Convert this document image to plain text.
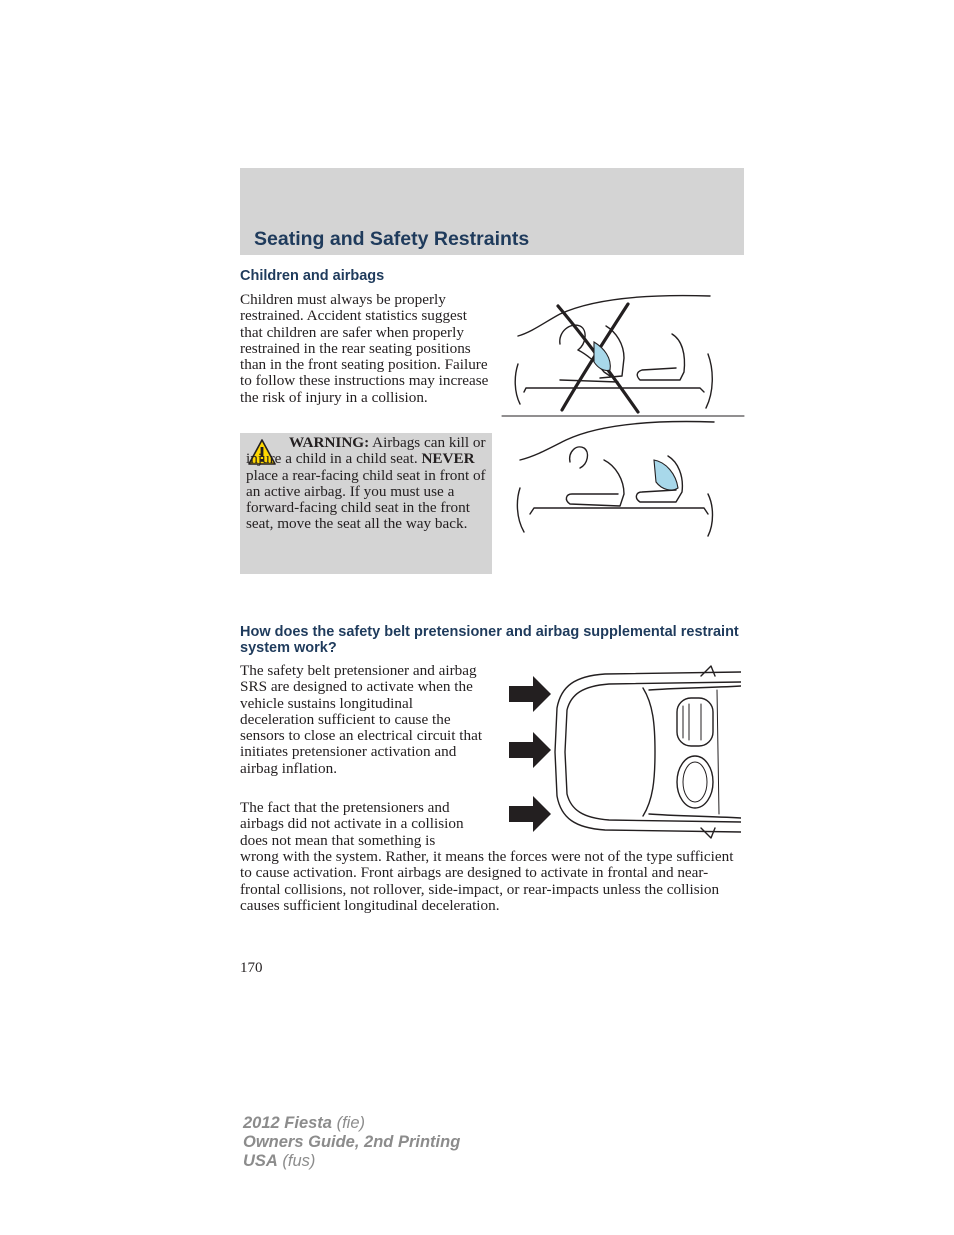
Seating and Safety Restraints
Children and airbags

Children must always be properly restrained. Accident statistics suggest that children are safer when properly restrained in the rear seating positions than in the front seating position. Failure to follow these instructions may increase the risk of injury in a collision.

WARNING: Airbags can kill or injure a child in a child seat. NEVER place a rear-facing child seat in front of an active airbag. If you must use a forward-facing child seat in the front seat, move the seat all the way back.

How does the safety belt pretensioner and airbag supplemental restraint system work?

The safety belt pretensioner and airbag SRS are designed to activate when the vehicle sustains longitudinal deceleration sufficient to cause the sensors to close an electrical circuit that initiates pretensioner activation and airbag inflation.

The fact that the pretensioners and airbags did not activate in a collision does not mean that something is

wrong with the system. Rather, it means the forces were not of the type sufficient to cause activation. Front airbags are designed to activate in frontal and near-frontal collisions, not rollover, side-impact, or rear-impacts unless the collision causes sufficient longitudinal deceleration.

170

2012 Fiesta (fie)
Owners Guide, 2nd Printing
USA (fus)
